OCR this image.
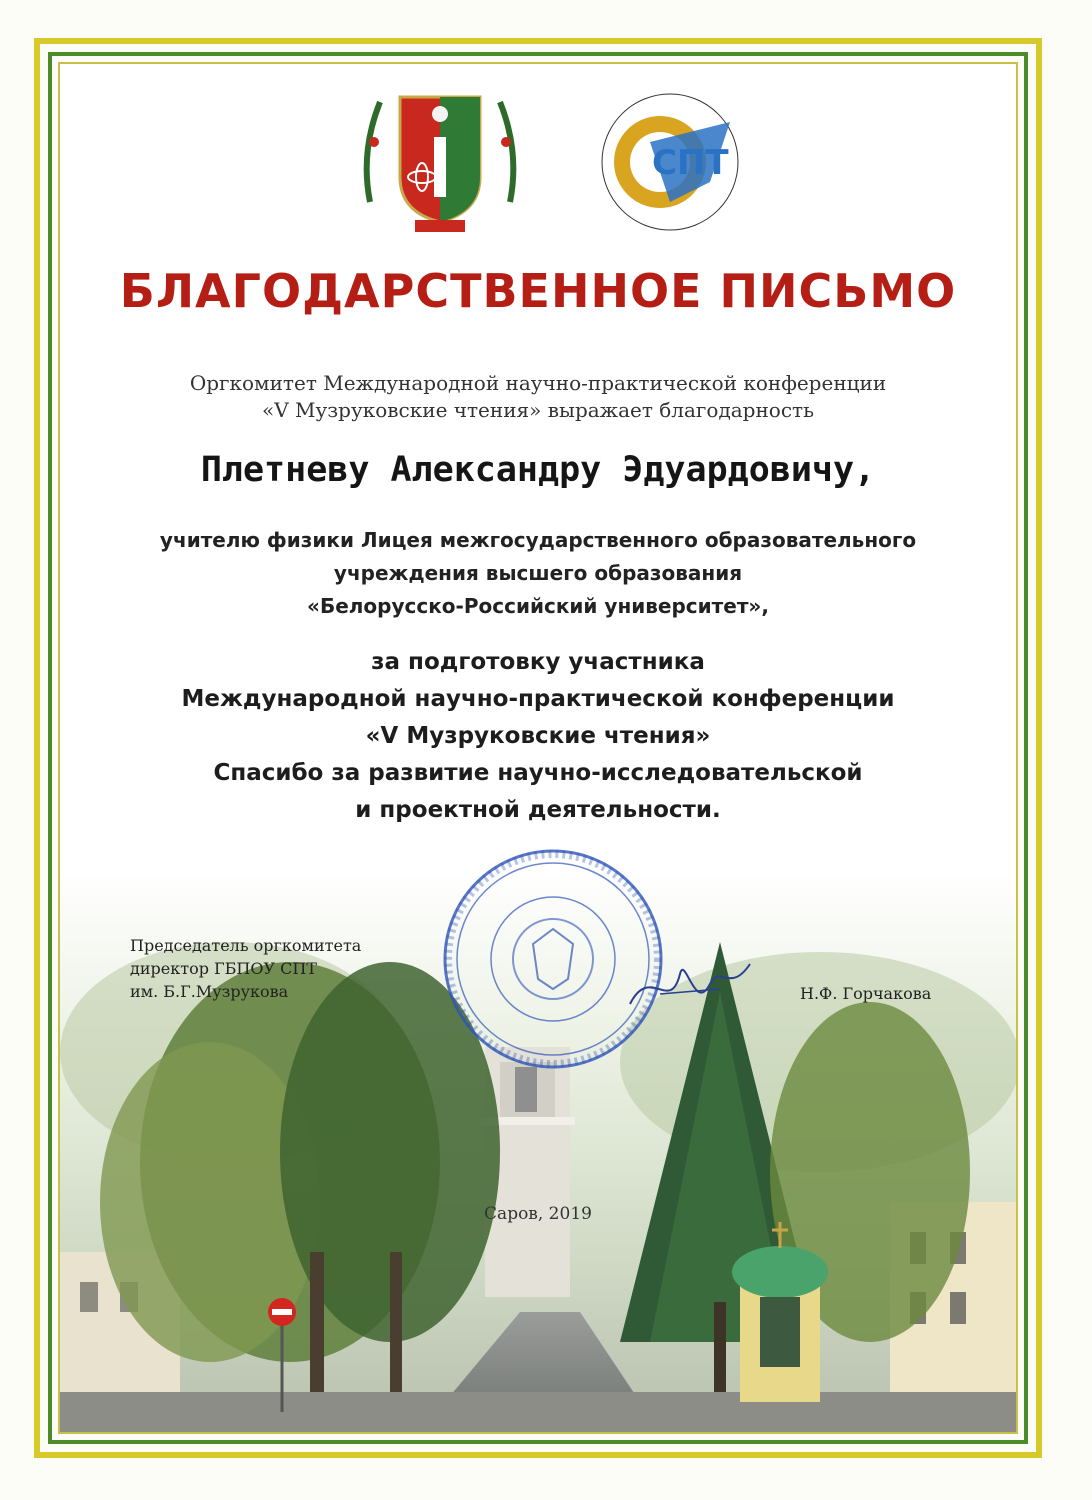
СПТ
БЛАГОДАРСТВЕННОЕ ПИСЬМО
Оргкомитет Международной научно-практической конференции
«V Музруковские чтения» выражает благодарность
Плетневу Александру Эдуардовичу,
учителю физики Лицея межгосударственного образовательного
учреждения высшего образования
«Белорусско-Российский университет»,
за подготовку участника
Международной научно-практической конференции
«V Музруковские чтения»
Спасибо за развитие научно-исследовательской
и проектной деятельности.
Председатель оргкомитета
директор ГБПОУ СПТ
им. Б.Г.Музрукова	Н.Ф. Горчакова
Саров, 2019
